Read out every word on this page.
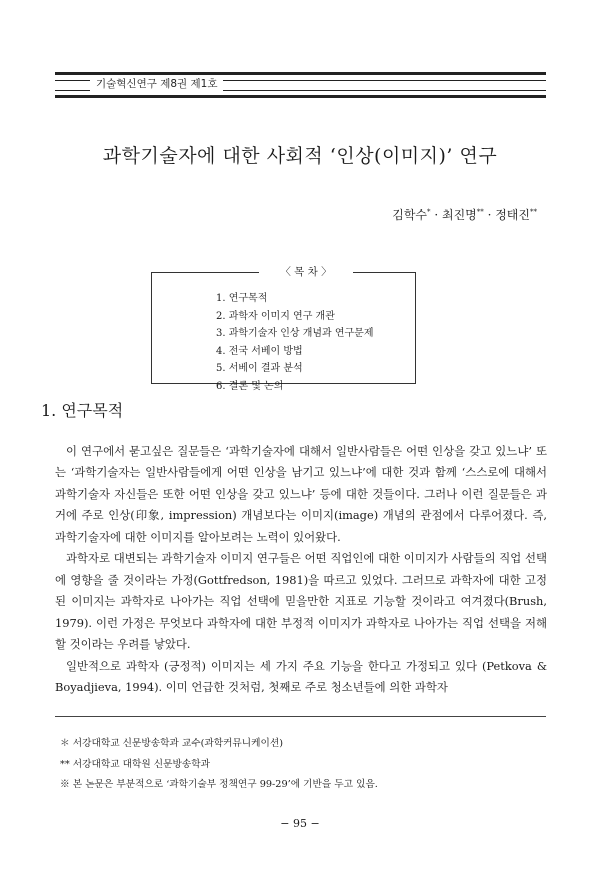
기술혁신연구 제8권 제1호
과학기술자에 대한 사회적 ‘인상(이미지)’ 연구
김학수* · 최진명** · 정태진**
〈 목 차 〉
1. 연구목적
2. 과학자 이미지 연구 개관
3. 과학기술자 인상 개념과 연구문제
4. 전국 서베이 방법
5. 서베이 결과 분석
6. 결론 및 논의
1. 연구목적

이 연구에서 묻고싶은 질문들은 ‘과학기술자에 대해서 일반사람들은 어떤 인상을 갖고 있느냐’ 또는 ‘과학기술자는 일반사람들에게 어떤 인상을 남기고 있느냐’에 대한 것과 함께 ‘스스로에 대해서 과학기술자 자신들은 또한 어떤 인상을 갖고 있느냐’ 등에 대한 것들이다. 그러나 이런 질문들은 과거에 주로 인상(印象, impression) 개념보다는 이미지(image) 개념의 관점에서 다루어졌다. 즉, 과학기술자에 대한 이미지를 알아보려는 노력이 있어왔다.

과학자로 대변되는 과학기술자 이미지 연구들은 어떤 직업인에 대한 이미지가 사람들의 직업 선택에 영향을 줄 것이라는 가정(Gottfredson, 1981)을 따르고 있었다. 그러므로 과학자에 대한 고정된 이미지는 과학자로 나아가는 직업 선택에 믿을만한 지표로 기능할 것이라고 여겨졌다(Brush, 1979). 이런 가정은 무엇보다 과학자에 대한 부정적 이미지가 과학자로 나아가는 직업 선택을 저해할 것이라는 우려를 낳았다.

일반적으로 과학자 (긍정적) 이미지는 세 가지 주요 기능을 한다고 가정되고 있다 (Petkova & Boyadjieva, 1994). 이미 언급한 것처럼, 첫째로 주로 청소년들에 의한 과학자

＊ 서강대학교 신문방송학과 교수(과학커뮤니케이션)
** 서강대학교 대학원 신문방송학과
※ 본 논문은 부분적으로 ‘과학기술부 정책연구 99-29’에 기반을 두고 있음.
− 95 −
